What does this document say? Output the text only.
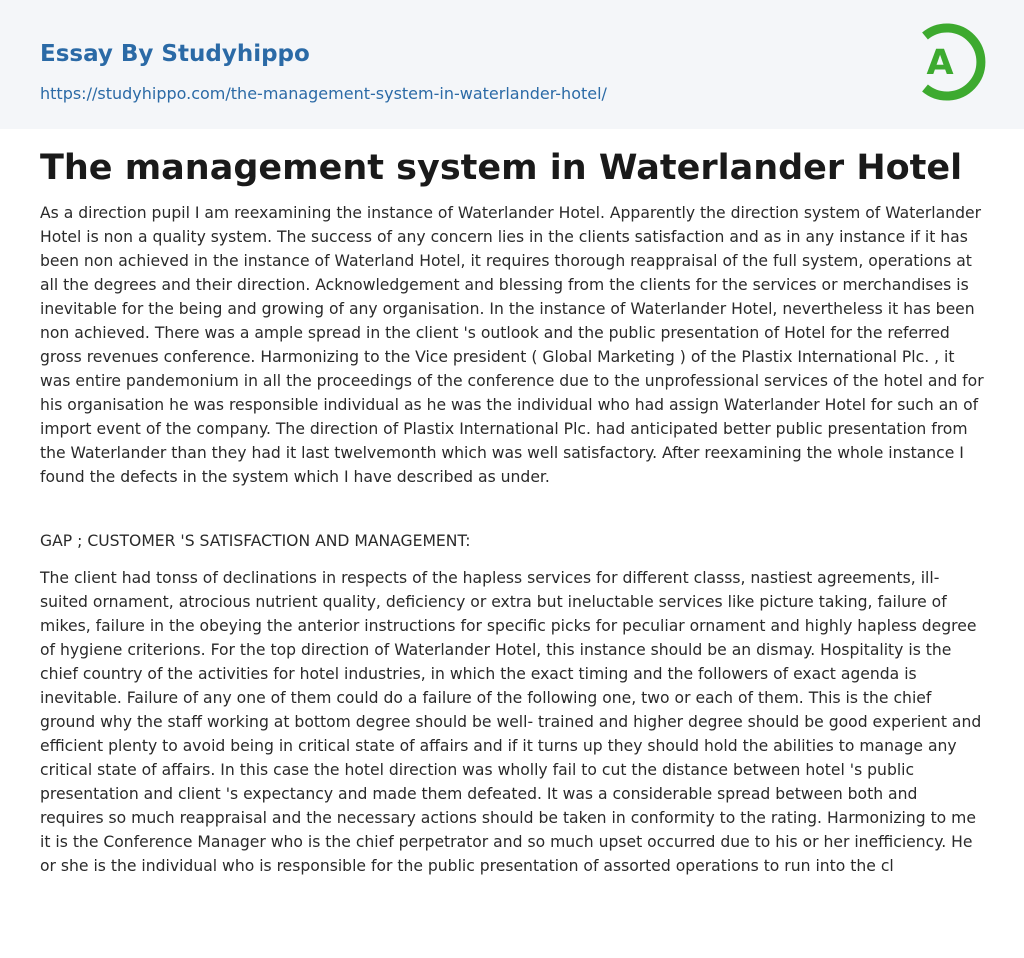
Essay By Studyhippo
https://studyhippo.com/the-management-system-in-waterlander-hotel/
A
The management system in Waterlander Hotel

As a direction pupil I am reexamining the instance of Waterlander Hotel. Apparently the direction system of Waterlander Hotel is non a quality system. The success of any concern lies in the clients satisfaction and as in any instance if it has been non achieved in the instance of Waterland Hotel, it requires thorough reappraisal of the full system, operations at all the degrees and their direction. Acknowledgement and blessing from the clients for the services or merchandises is inevitable for the being and growing of any organisation. In the instance of Waterlander Hotel, nevertheless it has been non achieved. There was a ample spread in the client 's outlook and the public presentation of Hotel for the referred gross revenues conference. Harmonizing to the Vice president ( Global Marketing ) of the Plastix International Plc. , it was entire pandemonium in all the proceedings of the conference due to the unprofessional services of the hotel and for his organisation he was responsible individual as he was the individual who had assign Waterlander Hotel for such an of import event of the company. The direction of Plastix International Plc. had anticipated better public presentation from the Waterlander than they had it last twelvemonth which was well satisfactory. After reexamining the whole instance I found the defects in the system which I have described as under.

GAP ; CUSTOMER 'S SATISFACTION AND MANAGEMENT:

The client had tonss of declinations in respects of the hapless services for different classs, nastiest agreements, ill-suited ornament, atrocious nutrient quality, deficiency or extra but ineluctable services like picture taking, failure of mikes, failure in the obeying the anterior instructions for specific picks for peculiar ornament and highly hapless degree of hygiene criterions. For the top direction of Waterlander Hotel, this instance should be an dismay. Hospitality is the chief country of the activities for hotel industries, in which the exact timing and the followers of exact agenda is inevitable. Failure of any one of them could do a failure of the following one, two or each of them. This is the chief ground why the staff working at bottom degree should be well- trained and higher degree should be good experient and efficient plenty to avoid being in critical state of affairs and if it turns up they should hold the abilities to manage any critical state of affairs. In this case the hotel direction was wholly fail to cut the distance between hotel 's public presentation and client 's expectancy and made them defeated. It was a considerable spread between both and requires so much reappraisal and the necessary actions should be taken in conformity to the rating. Harmonizing to me it is the Conference Manager who is the chief perpetrator and so much upset occurred due to his or her inefficiency. He or she is the individual who is responsible for the public presentation of assorted operations to run into the cl
